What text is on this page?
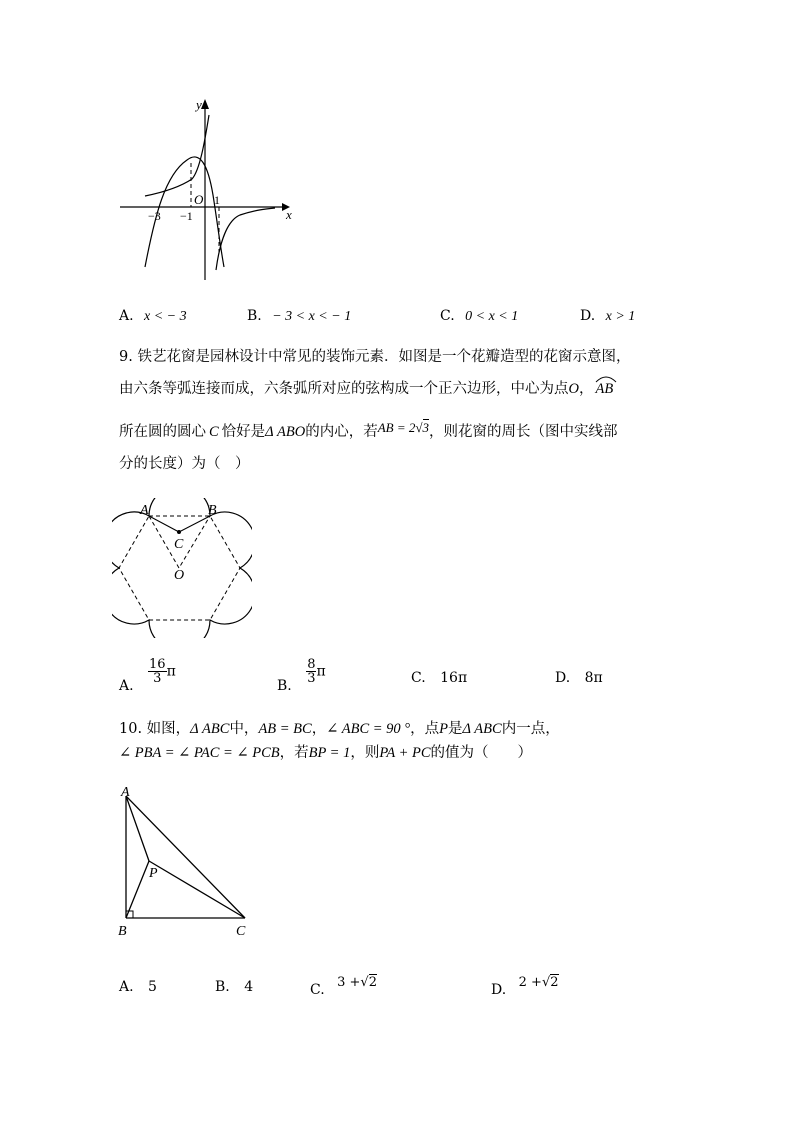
x
y
O 1
−3 −1
A. x < − 3	B. − 3 < x < − 1	C. 0 < x < 1	D. x > 1
9. 铁艺花窗是园林设计中常见的装饰元素．如图是一个花瓣造型的花窗示意图，
由六条等弧连接而成，六条弧所对应的弦构成一个正六边形，中心为点O， AB
所在圆的圆心 C 恰好是Δ ABO的内心，若AB = 2√3，则花窗的周长（图中实线部
分的长度）为（　）
A	B
C
O
A.
$\frac{16}{3}$ π
B.
$\frac{8}{3}$ π	C. 16π	D. 8π
10. 如图，Δ ABC中，AB = BC，∠ ABC = 90 °，点P是Δ ABC内一点，
∠ PBA = ∠ PAC = ∠ PCB，若BP = 1，则PA + PC的值为（　　）
A
P
B	C
A. 5	B. 4	C. 3 +√2	D. 2 +√2
